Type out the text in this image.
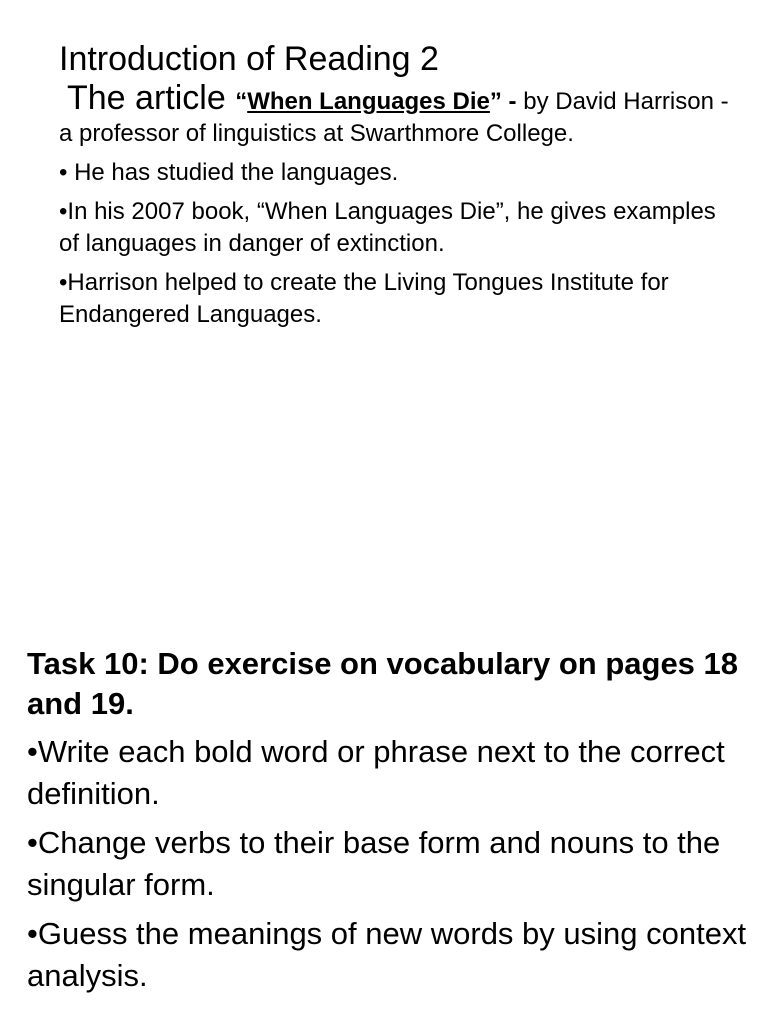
Introduction of Reading 2

The article “When Languages Die” - by David Harrison - a professor of linguistics at Swarthmore College.

• He has studied the languages.

•In his 2007 book, “When Languages Die”, he gives examples of languages in danger of extinction.

•Harrison helped to create the Living Tongues Institute for Endangered Languages.

Task 10: Do exercise on vocabulary on pages 18 and 19.

•Write each bold word or phrase next to the correct definition.

•Change verbs to their base form and nouns to the singular form.

•Guess the meanings of new words by using context analysis.
